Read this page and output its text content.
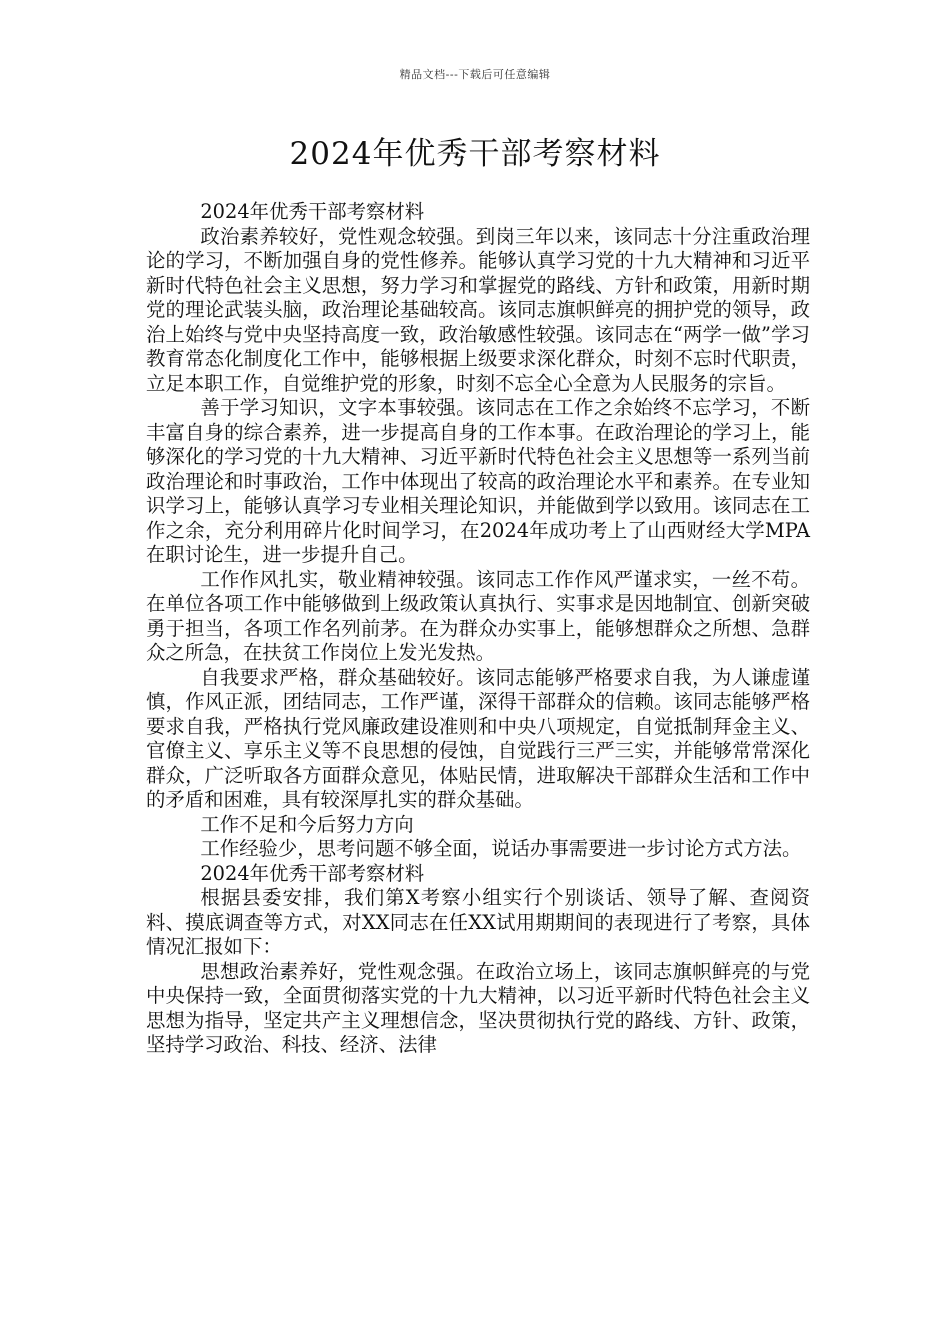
精品文档---下载后可任意编辑
2024年优秀干部考察材料

2024年优秀干部考察材料

政治素养较好，党性观念较强。到岗三年以来，该同志十分注重政治理论的学习，不断加强自身的党性修养。能够认真学习党的十九大精神和习近平新时代特色社会主义思想，努力学习和掌握党的路线、方针和政策，用新时期党的理论武装头脑，政治理论基础较高。该同志旗帜鲜亮的拥护党的领导，政治上始终与党中央坚持高度一致，政治敏感性较强。该同志在“两学一做”学习教育常态化制度化工作中，能够根据上级要求深化群众，时刻不忘时代职责，立足本职工作，自觉维护党的形象，时刻不忘全心全意为人民服务的宗旨。

善于学习知识，文字本事较强。该同志在工作之余始终不忘学习，不断丰富自身的综合素养，进一步提高自身的工作本事。在政治理论的学习上，能够深化的学习党的十九大精神、习近平新时代特色社会主义思想等一系列当前政治理论和时事政治，工作中体现出了较高的政治理论水平和素养。在专业知识学习上，能够认真学习专业相关理论知识，并能做到学以致用。该同志在工作之余，充分利用碎片化时间学习，在2024年成功考上了山西财经大学MPA在职讨论生，进一步提升自己。

工作作风扎实，敬业精神较强。该同志工作作风严谨求实，一丝不苟。在单位各项工作中能够做到上级政策认真执行、实事求是因地制宜、创新突破勇于担当，各项工作名列前茅。在为群众办实事上，能够想群众之所想、急群众之所急，在扶贫工作岗位上发光发热。

自我要求严格，群众基础较好。该同志能够严格要求自我，为人谦虚谨慎，作风正派，团结同志，工作严谨，深得干部群众的信赖。该同志能够严格要求自我，严格执行党风廉政建设准则和中央八项规定，自觉抵制拜金主义、官僚主义、享乐主义等不良思想的侵蚀，自觉践行三严三实，并能够常常深化群众，广泛听取各方面群众意见，体贴民情，进取解决干部群众生活和工作中的矛盾和困难，具有较深厚扎实的群众基础。

工作不足和今后努力方向

工作经验少，思考问题不够全面，说话办事需要进一步讨论方式方法。

2024年优秀干部考察材料

根据县委安排，我们第X考察小组实行个别谈话、领导了解、查阅资料、摸底调查等方式，对XX同志在任XX试用期期间的表现进行了考察，具体情况汇报如下：

思想政治素养好，党性观念强。在政治立场上，该同志旗帜鲜亮的与党中央保持一致，全面贯彻落实党的十九大精神，以习近平新时代特色社会主义思想为指导，坚定共产主义理想信念，坚决贯彻执行党的路线、方针、政策，坚持学习政治、科技、经济、法律
